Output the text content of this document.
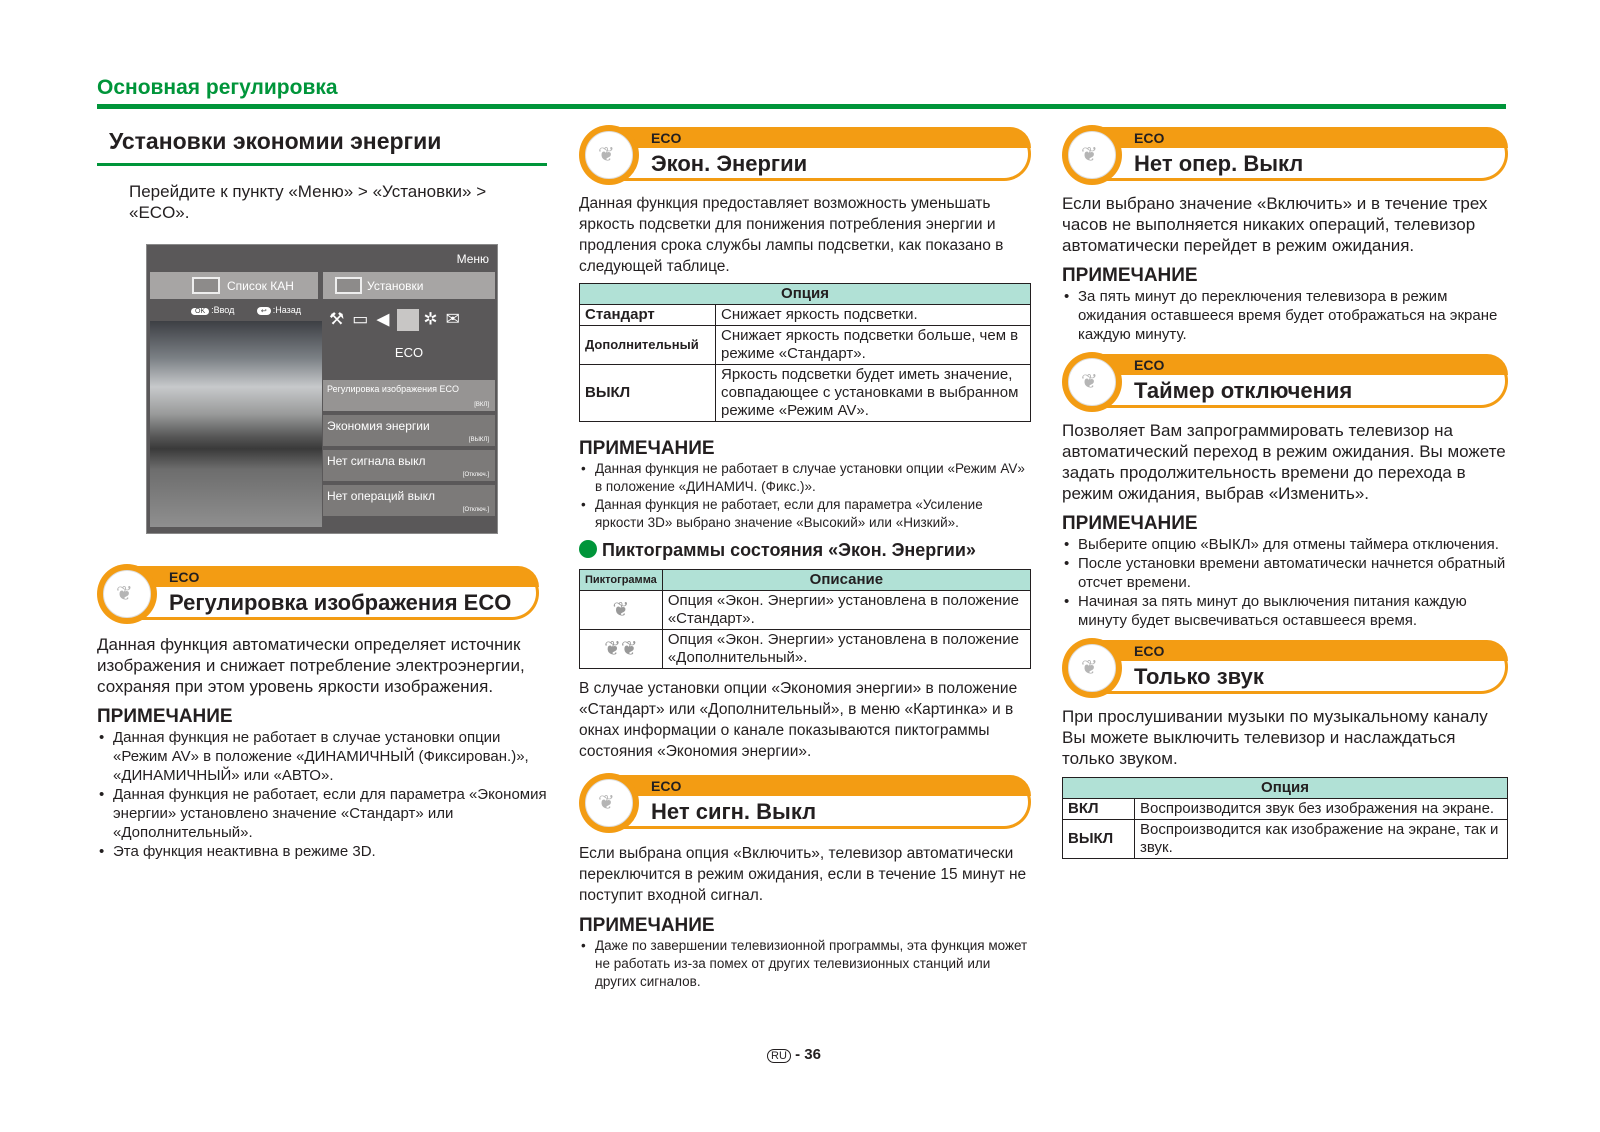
Основная регулировка
Установки экономии энергии
Перейдите к пункту «Меню» > «Установки» > «ECO».
Меню
Список КАН	Установки
OK :Ввод	↩ :Назад ⚒▭◀ ✲✉
ECO
Регулировка изображения ECO
[ВКЛ]
Экономия энергии
[ВЫКЛ]
Нет сигнала выкл
[Отключ.]
Нет операций выкл
[Отключ.]
❦
ECO
Регулировка изображения ECO
Данная функция автоматически определяет источник изображения и снижает потребление электроэнергии, сохраняя при этом уровень яркости изображения.
ПРИМЕЧАНИЕ
• Данная функция не работает в случае установки опции «Режим AV» в положение «ДИНАМИЧНЫЙ (Фиксирован.)», «ДИНАМИЧНЫЙ» или «АВТО».
• Данная функция не работает, если для параметра «Экономия энергии» установлено значение «Стандарт» или «Дополнительный».
• Эта функция неактивна в режиме 3D.
❦
ECO
Экон. Энергии
Данная функция предоставляет возможность уменьшать яркость подсветки для понижения потребления энергии и продления срока службы лампы подсветки, как показано в следующей таблице.
Опция	
Стандарт	Снижает яркость подсветки.
Дополнительный	Снижает яркость подсветки больше, чем в режиме «Стандарт».
ВЫКЛ	Яркость подсветки будет иметь значение, совпадающее с установками в выбранном режиме «Режим AV».
ПРИМЕЧАНИЕ
• Данная функция не работает в случае установки опции «Режим AV» в положение «ДИНАМИЧ. (Фикс.)».
• Данная функция не работает, если для параметра «Усиление яркости 3D» выбрано значение «Высокий» или «Низкий».
Пиктограммы состояния «Экон. Энергии»
Пиктограмма	Описание
❦	Опция «Экон. Энергии» установлена в положение «Стандарт».
❦❦	Опция «Экон. Энергии» установлена в положение «Дополнительный».
В случае установки опции «Экономия энергии» в положение «Стандарт» или «Дополнительный», в меню «Картинка» и в окнах информации о канале показываются пиктограммы состояния «Экономия энергии».
❦
ECO
Нет сигн. Выкл
Если выбрана опция «Включить», телевизор автоматически переключится в режим ожидания, если в течение 15 минут не поступит входной сигнал.
ПРИМЕЧАНИЕ
• Даже по завершении телевизионной программы, эта функция может не работать из-за помех от других телевизионных станций или других сигналов.
❦
ECO
Нет опер. Выкл
Если выбрано значение «Включить» и в течение трех часов не выполняется никаких операций, телевизор автоматически перейдет в режим ожидания.
ПРИМЕЧАНИЕ
• За пять минут до переключения телевизора в режим ожидания оставшееся время будет отображаться на экране каждую минуту.
❦
ECO
Таймер отключения
Позволяет Вам запрограммировать телевизор на автоматический переход в режим ожидания. Вы можете задать продолжительность времени до перехода в режим ожидания, выбрав «Изменить».
ПРИМЕЧАНИЕ
• Выберите опцию «ВЫКЛ» для отмены таймера отключения.
• После установки времени автоматически начнется обратный отсчет времени.
• Начиная за пять минут до выключения питания каждую минуту будет высвечиваться оставшееся время.
❦
ECO
Только звук
При прослушивании музыки по музыкальному каналу Вы можете выключить телевизор и наслаждаться только звуком.
Опция	
ВКЛ	Воспроизводится звук без изображения на экране.
ВЫКЛ	Воспроизводится как изображение на экране, так и звук.
RU - 36
